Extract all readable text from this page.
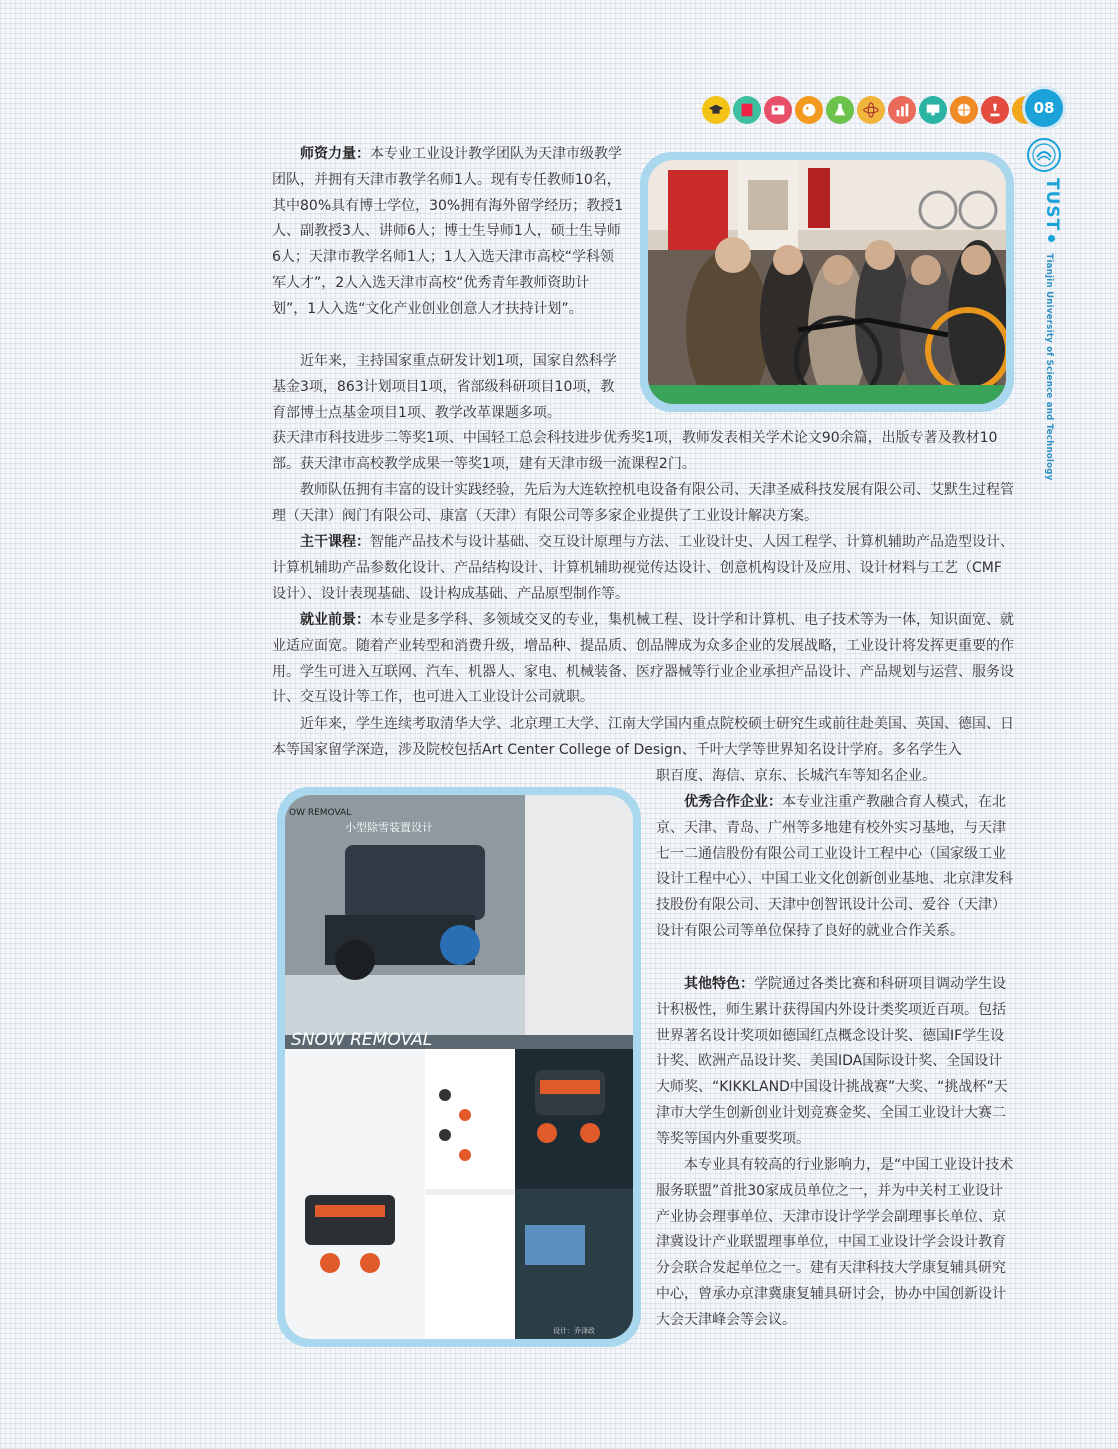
08
TUST Tianjin University of Science and Technology
OW REMOVAL
小型除雪装置设计
SNOW REMOVAL
设计：乔泽政
师资力量：本专业工业设计教学团队为天津市级教学团队，并拥有天津市教学名师1人。现有专任教师10名，其中80%具有博士学位，30%拥有海外留学经历；教授1人、副教授3人、讲师6人；博士生导师1人，硕士生导师6人；天津市教学名师1人；1人入选天津市高校“学科领军人才”，2人入选天津市高校“优秀青年教师资助计划”，1人入选“文化产业创业创意人才扶持计划”。
近年来，主持国家重点研发计划1项，国家自然科学基金3项，863计划项目1项，省部级科研项目10项，教育部博士点基金项目1项、教学改革课题多项。
获天津市科技进步二等奖1项、中国轻工总会科技进步优秀奖1项，教师发表相关学术论文90余篇，出版专著及教材10部。获天津市高校教学成果一等奖1项，建有天津市级一流课程2门。
教师队伍拥有丰富的设计实践经验，先后为大连软控机电设备有限公司、天津圣威科技发展有限公司、艾默生过程管理（天津）阀门有限公司、康富（天津）有限公司等多家企业提供了工业设计解决方案。
主干课程：智能产品技术与设计基础、交互设计原理与方法、工业设计史、人因工程学、计算机辅助产品造型设计、计算机辅助产品参数化设计、产品结构设计、计算机辅助视觉传达设计、创意机构设计及应用、设计材料与工艺（CMF设计）、设计表现基础、设计构成基础、产品原型制作等。
就业前景：本专业是多学科、多领域交叉的专业，集机械工程、设计学和计算机、电子技术等为一体，知识面宽、就业适应面宽。随着产业转型和消费升级，增品种、提品质、创品牌成为众多企业的发展战略，工业设计将发挥更重要的作用。学生可进入互联网、汽车、机器人、家电、机械装备、医疗器械等行业企业承担产品设计、产品规划与运营、服务设计、交互设计等工作，也可进入工业设计公司就职。
近年来，学生连续考取清华大学、北京理工大学、江南大学国内重点院校硕士研究生或前往赴美国、英国、德国、日本等国家留学深造，涉及院校包括Art Center College of Design、千叶大学等世界知名设计学府。多名学生入
职百度、海信、京东、长城汽车等知名企业。
优秀合作企业：本专业注重产教融合育人模式，在北京、天津、青岛、广州等多地建有校外实习基地，与天津七一二通信股份有限公司工业设计工程中心（国家级工业设计工程中心）、中国工业文化创新创业基地、北京津发科技股份有限公司、天津中创智讯设计公司、爱谷（天津）设计有限公司等单位保持了良好的就业合作关系。
其他特色：学院通过各类比赛和科研项目调动学生设计积极性，师生累计获得国内外设计类奖项近百项。包括世界著名设计奖项如德国红点概念设计奖、德国IF学生设计奖、欧洲产品设计奖、美国IDA国际设计奖、全国设计大师奖、“KIKKLAND中国设计挑战赛”大奖、“挑战杯”天津市大学生创新创业计划竞赛金奖、全国工业设计大赛二等奖等国内外重要奖项。
本专业具有较高的行业影响力，是“中国工业设计技术服务联盟”首批30家成员单位之一，并为中关村工业设计产业协会理事单位、天津市设计学学会副理事长单位、京津冀设计产业联盟理事单位，中国工业设计学会设计教育分会联合发起单位之一。建有天津科技大学康复辅具研究中心，曾承办京津冀康复辅具研讨会，协办中国创新设计大会天津峰会等会议。
